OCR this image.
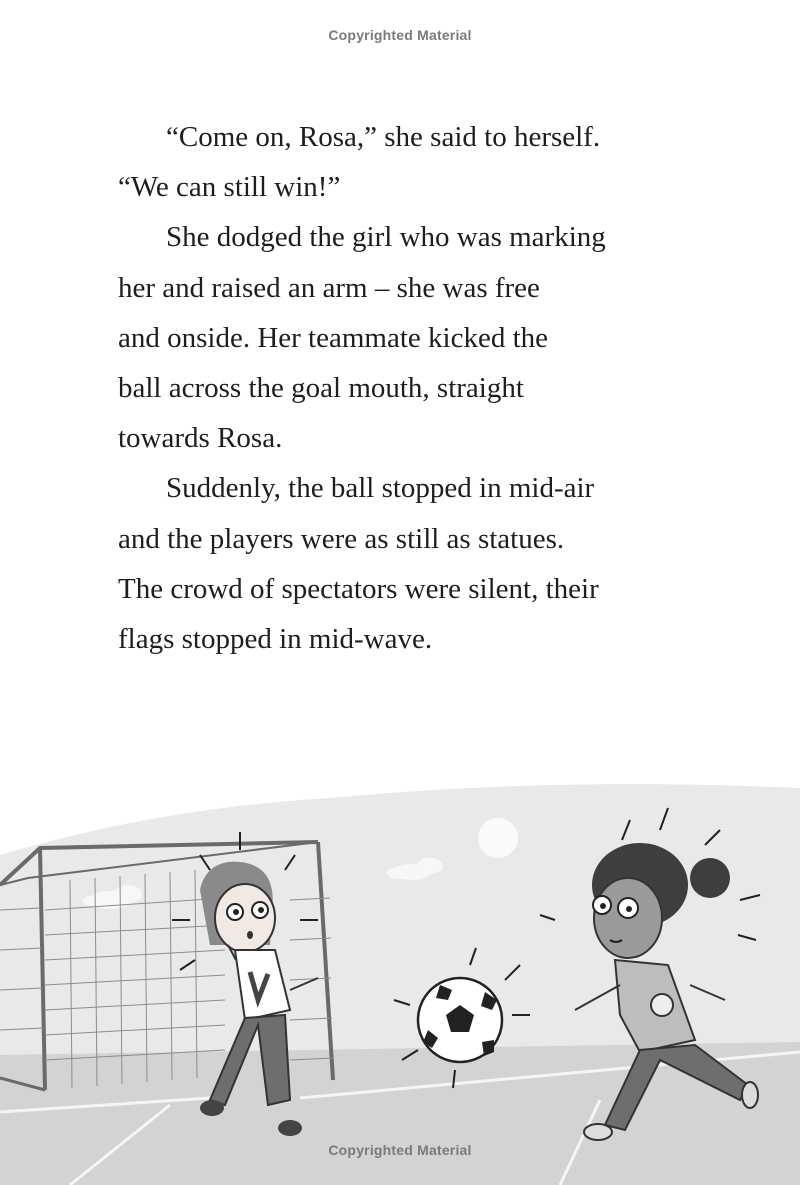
Copyrighted Material
“Come on, Rosa,” she said to herself.
“We can still win!”
She dodged the girl who was marking
her and raised an arm – she was free
and onside. Her teammate kicked the
ball across the goal mouth, straight
towards Rosa.
Suddenly, the ball stopped in mid-air
and the players were as still as statues.
The crowd of spectators were silent, their
flags stopped in mid-wave.
Copyrighted Material
